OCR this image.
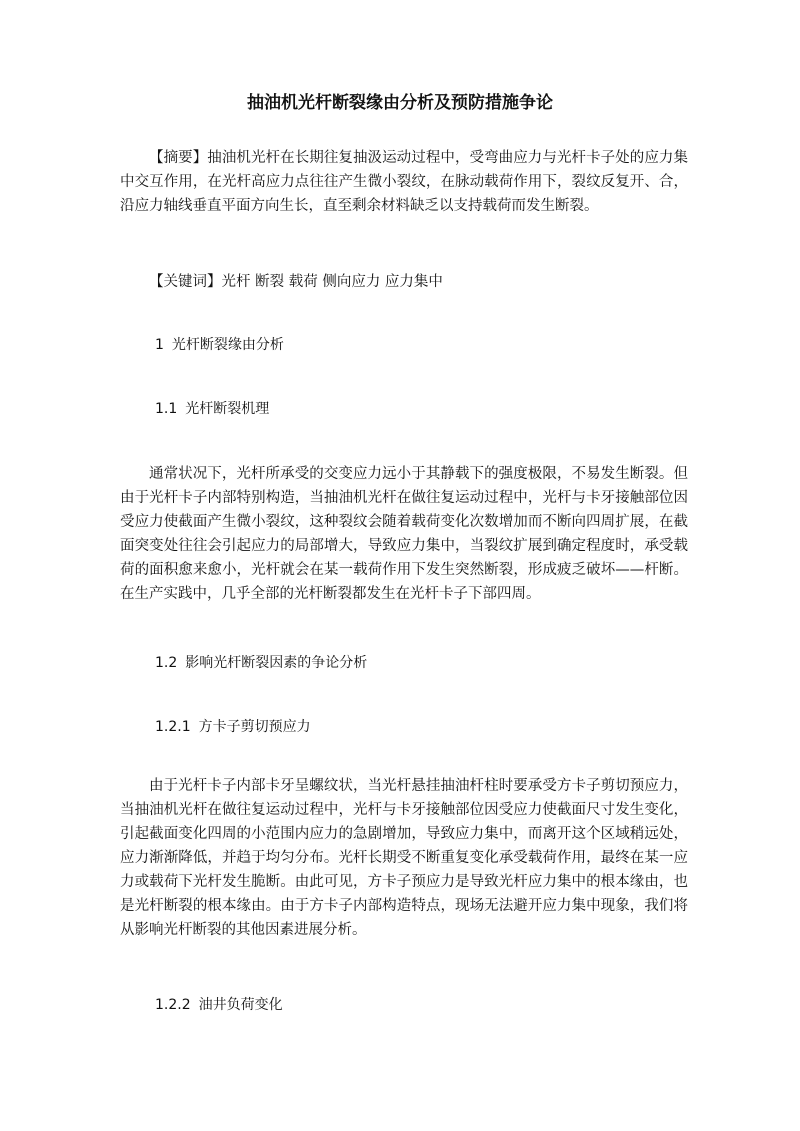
抽油机光杆断裂缘由分析及预防措施争论

【摘要】抽油机光杆在长期往复抽汲运动过程中，受弯曲应力与光杆卡子处的应力集中交互作用，在光杆高应力点往往产生微小裂纹，在脉动载荷作用下，裂纹反复开、合，沿应力轴线垂直平面方向生长，直至剩余材料缺乏以支持载荷而发生断裂。

【关键词】光杆 断裂 载荷 侧向应力 应力集中

1 光杆断裂缘由分析
1.1 光杆断裂机理

通常状况下，光杆所承受的交变应力远小于其静载下的强度极限，不易发生断裂。但由于光杆卡子内部特别构造，当抽油机光杆在做往复运动过程中，光杆与卡牙接触部位因受应力使截面产生微小裂纹，这种裂纹会随着载荷变化次数增加而不断向四周扩展，在截面突变处往往会引起应力的局部增大，导致应力集中，当裂纹扩展到确定程度时，承受载荷的面积愈来愈小，光杆就会在某一载荷作用下发生突然断裂，形成疲乏破坏——杆断。在生产实践中，几乎全部的光杆断裂都发生在光杆卡子下部四周。

1.2 影响光杆断裂因素的争论分析
1.2.1 方卡子剪切预应力

由于光杆卡子内部卡牙呈螺纹状，当光杆悬挂抽油杆柱时要承受方卡子剪切预应力，当抽油机光杆在做往复运动过程中，光杆与卡牙接触部位因受应力使截面尺寸发生变化，引起截面变化四周的小范围内应力的急剧增加，导致应力集中，而离开这个区域稍远处，应力渐渐降低，并趋于均匀分布。光杆长期受不断重复变化承受载荷作用，最终在某一应力或载荷下光杆发生脆断。由此可见，方卡子预应力是导致光杆应力集中的根本缘由，也是光杆断裂的根本缘由。由于方卡子内部构造特点，现场无法避开应力集中现象，我们将从影响光杆断裂的其他因素进展分析。

1.2.2 油井负荷变化
